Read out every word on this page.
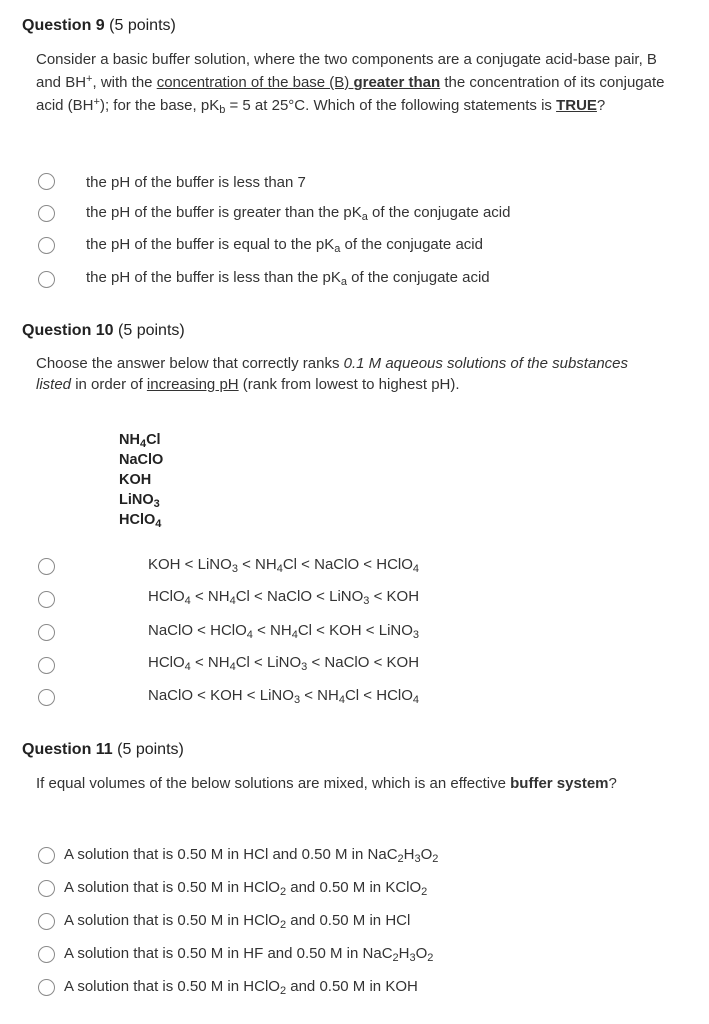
Question 9 (5 points)
Consider a basic buffer solution, where the two components are a conjugate acid-base pair, B and BH+, with the concentration of the base (B) greater than the concentration of its conjugate acid (BH+); for the base, $pK_b = 5$ at 25°C. Which of the following statements is TRUE?
the pH of the buffer is less than 7
the pH of the buffer is greater than the $pK_a$ of the conjugate acid
the pH of the buffer is equal to the $pK_a$ of the conjugate acid
the pH of the buffer is less than the $pK_a$ of the conjugate acid
Question 10 (5 points)
Choose the answer below that correctly ranks 0.1 M aqueous solutions of the substances listed in order of increasing pH (rank from lowest to highest pH).
$NH_4Cl$
NaClO
KOH
LiNO$_3$
HClO$_4$
KOH < LiNO$_3$ < $NH_4Cl$ < NaClO < HClO$_4$
HClO$_4$ < $NH_4Cl$ < NaClO < LiNO$_3$ < KOH
NaClO < HClO$_4$ < $NH_4Cl$ < KOH < LiNO$_3$
HClO$_4$ < $NH_4Cl$ < LiNO$_3$ < NaClO < KOH
NaClO < KOH < LiNO$_3$ < $NH_4Cl$ < HClO$_4$
Question 11 (5 points)
If equal volumes of the below solutions are mixed, which is an effective buffer system?
A solution that is 0.50 M in HCl and 0.50 M in $NaC_2H_3O_2$
A solution that is 0.50 M in HClO$_2$ and 0.50 M in KClO$_2$
A solution that is 0.50 M in HClO$_2$ and 0.50 M in HCl
A solution that is 0.50 M in HF and 0.50 M in $NaC_2H_3O_2$
A solution that is 0.50 M in HClO$_2$ and 0.50 M in KOH
